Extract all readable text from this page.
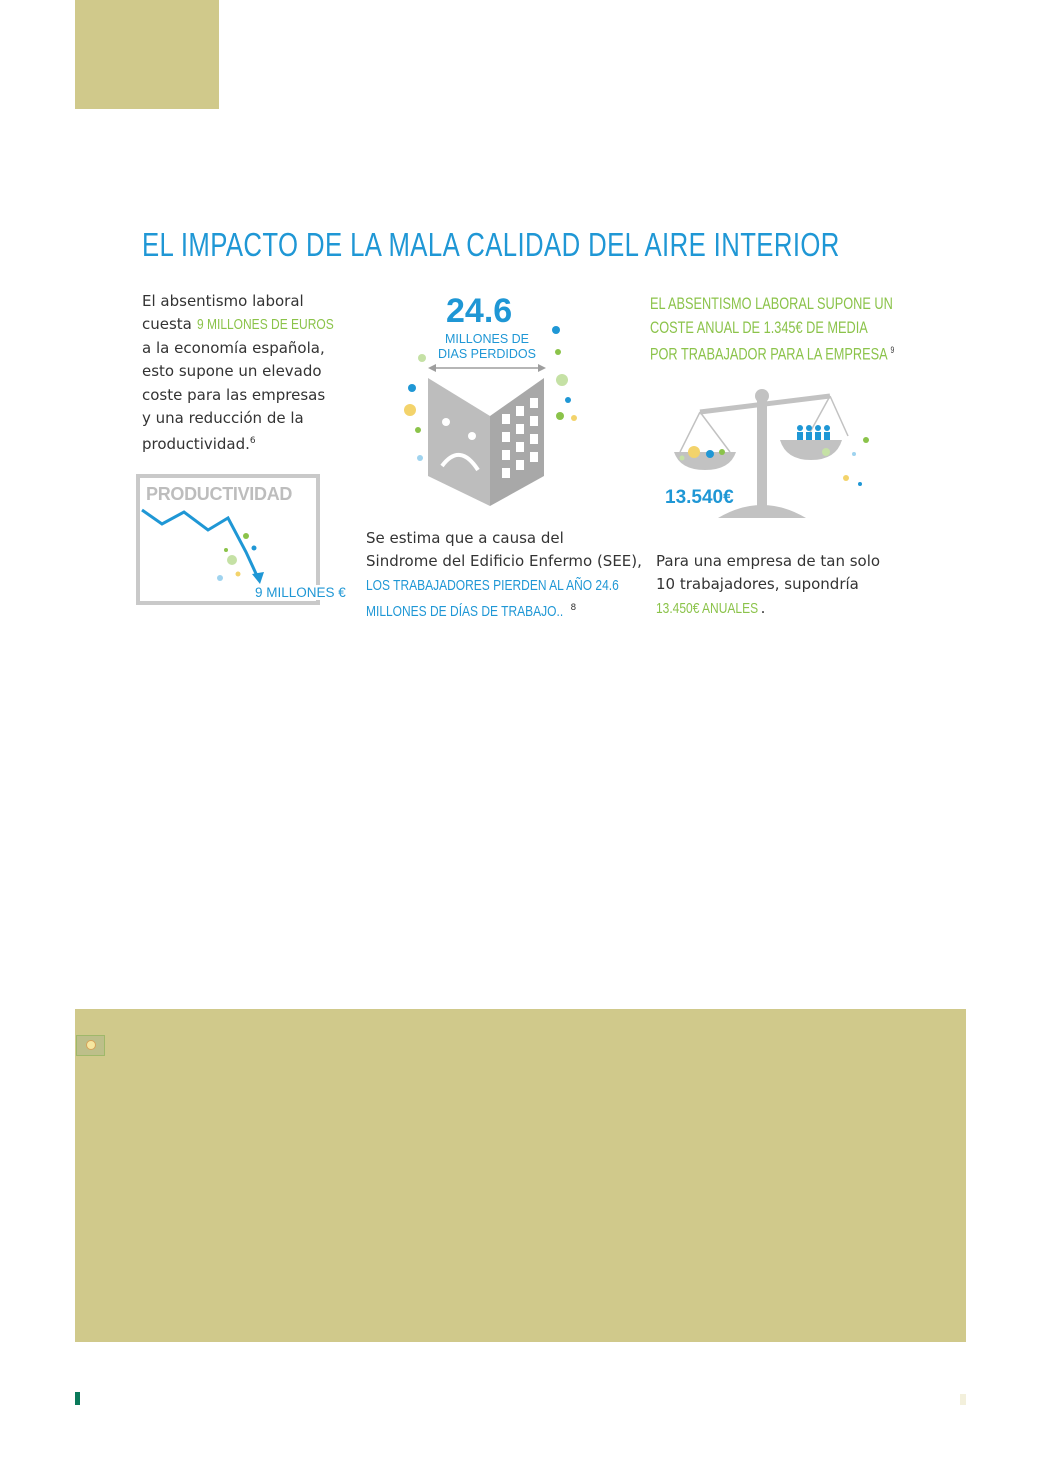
EL IMPACTO DE LA MALA CALIDAD DEL AIRE INTERIOR
El absentismo laboral
cuesta 9 MILLONES DE EUROS
a la economía española,
esto supone un elevado
coste para las empresas
y una reducción de la
productividad.$^6$
PRODUCTIVIDAD
9 MILLONES €
24.6
MILLONES DE
DIAS PERDIDOS
Se estima que a causa del
Sindrome del Edificio Enfermo (SEE),
LOS TRABAJADORES PIERDEN AL AÑO 24.6
MILLONES DE DÍAS DE TRABAJO.. $^8$
EL ABSENTISMO LABORAL SUPONE UN
COSTE ANUAL DE 1.345€ DE MEDIA
POR TRABAJADOR PARA LA EMPRESA $^9$
13.540€
Para una empresa de tan solo
10 trabajadores, supondría
13.450€ ANUALES .
